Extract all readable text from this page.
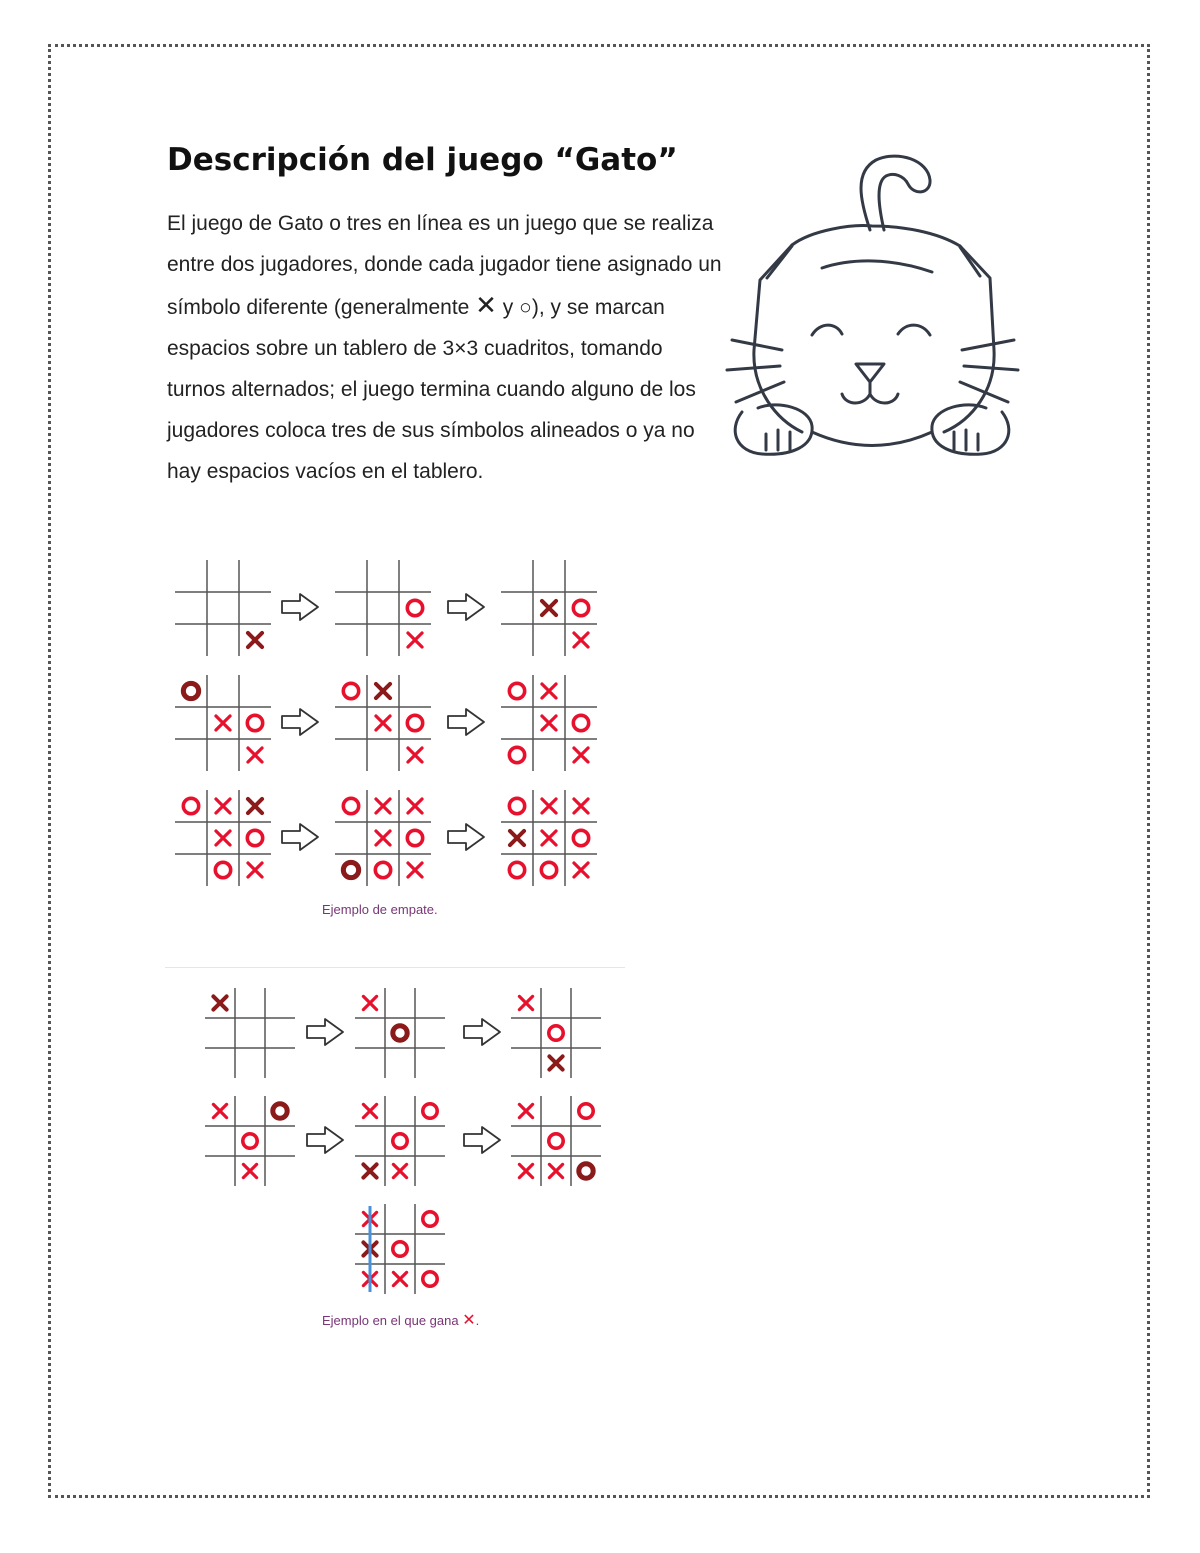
Descripción del juego “Gato”

El juego de Gato o tres en línea es un juego que se realiza entre dos jugadores, donde cada jugador tiene asignado un símbolo diferente (generalmente ✕ y ○), y se marcan espacios sobre un tablero de 3×3 cuadritos, tomando turnos alternados; el juego termina cuando alguno de los jugadores coloca tres de sus símbolos alineados o ya no hay espacios vacíos en el tablero.

Ejemplo de empate.
Ejemplo en el que gana ✕.
